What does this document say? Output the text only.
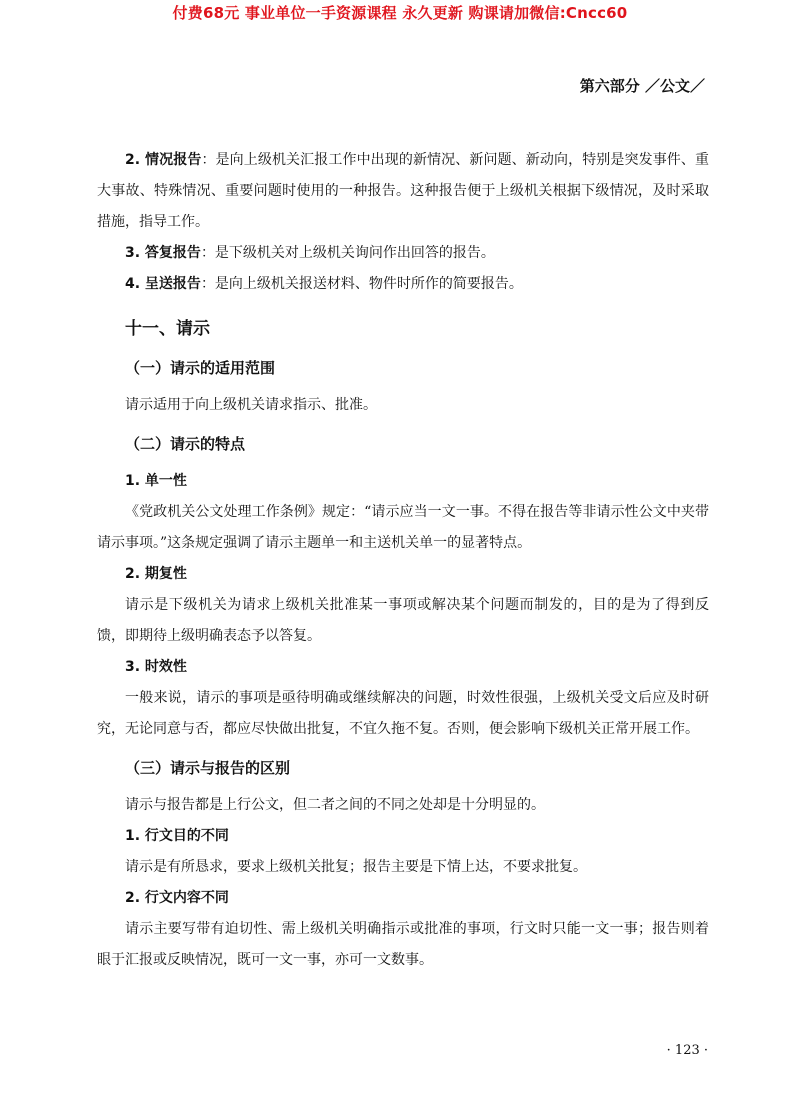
付费68元 事业单位一手资源课程 永久更新 购课请加微信:Cncc60
第六部分 ／公文／

2. 情况报告：是向上级机关汇报工作中出现的新情况、新问题、新动向，特别是突发事件、重大事故、特殊情况、重要问题时使用的一种报告。这种报告便于上级机关根据下级情况，及时采取措施，指导工作。

3. 答复报告：是下级机关对上级机关询问作出回答的报告。

4. 呈送报告：是向上级机关报送材料、物件时所作的简要报告。

十一、请示

（一）请示的适用范围

请示适用于向上级机关请求指示、批准。

（二）请示的特点

1. 单一性

《党政机关公文处理工作条例》规定：“请示应当一文一事。不得在报告等非请示性公文中夹带请示事项。”这条规定强调了请示主题单一和主送机关单一的显著特点。

2. 期复性

请示是下级机关为请求上级机关批准某一事项或解决某个问题而制发的，目的是为了得到反馈，即期待上级明确表态予以答复。

3. 时效性

一般来说，请示的事项是亟待明确或继续解决的问题，时效性很强，上级机关受文后应及时研究，无论同意与否，都应尽快做出批复，不宜久拖不复。否则，便会影响下级机关正常开展工作。

（三）请示与报告的区别

请示与报告都是上行公文，但二者之间的不同之处却是十分明显的。

1. 行文目的不同

请示是有所恳求，要求上级机关批复；报告主要是下情上达，不要求批复。

2. 行文内容不同

请示主要写带有迫切性、需上级机关明确指示或批准的事项，行文时只能一文一事；报告则着眼于汇报或反映情况，既可一文一事，亦可一文数事。

· 123 ·
